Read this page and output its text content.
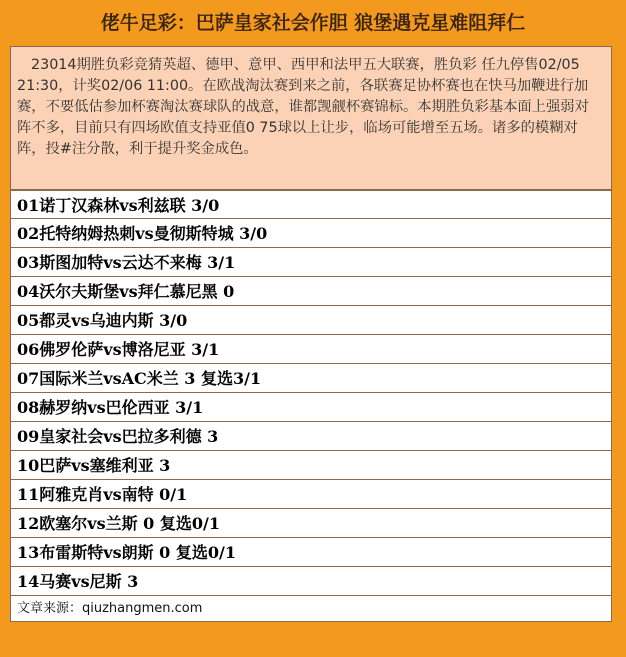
佬牛足彩：巴萨皇家社会作胆 狼堡遇克星难阻拜仁
23014期胜负彩竞猜英超、德甲、意甲、西甲和法甲五大联赛，胜负彩 任九停售02/05 21:30，计奖02/06 11:00。在欧战淘汰赛到来之前，各联赛足协杯赛也在快马加鞭进行加赛，不要低估参加杯赛淘汰赛球队的战意，谁都觊觎杯赛锦标。本期胜负彩基本面上强弱对阵不多，目前只有四场欧值支持亚值0 75球以上让步，临场可能增至五场。诸多的模糊对阵，投#注分散，利于提升奖金成色。
01诺丁汉森林vs利兹联 3/0
02托特纳姆热刺vs曼彻斯特城 3/0
03斯图加特vs云达不来梅 3/1
04沃尔夫斯堡vs拜仁慕尼黑 0
05都灵vs乌迪内斯 3/0
06佛罗伦萨vs博洛尼亚 3/1
07国际米兰vsAC米兰 3 复选3/1
08赫罗纳vs巴伦西亚 3/1
09皇家社会vs巴拉多利德 3
10巴萨vs塞维利亚 3
11阿雅克肖vs南特 0/1
12欧塞尔vs兰斯 0 复选0/1
13布雷斯特vs朗斯 0 复选0/1
14马赛vs尼斯 3
文章来源：qiuzhangmen.com
